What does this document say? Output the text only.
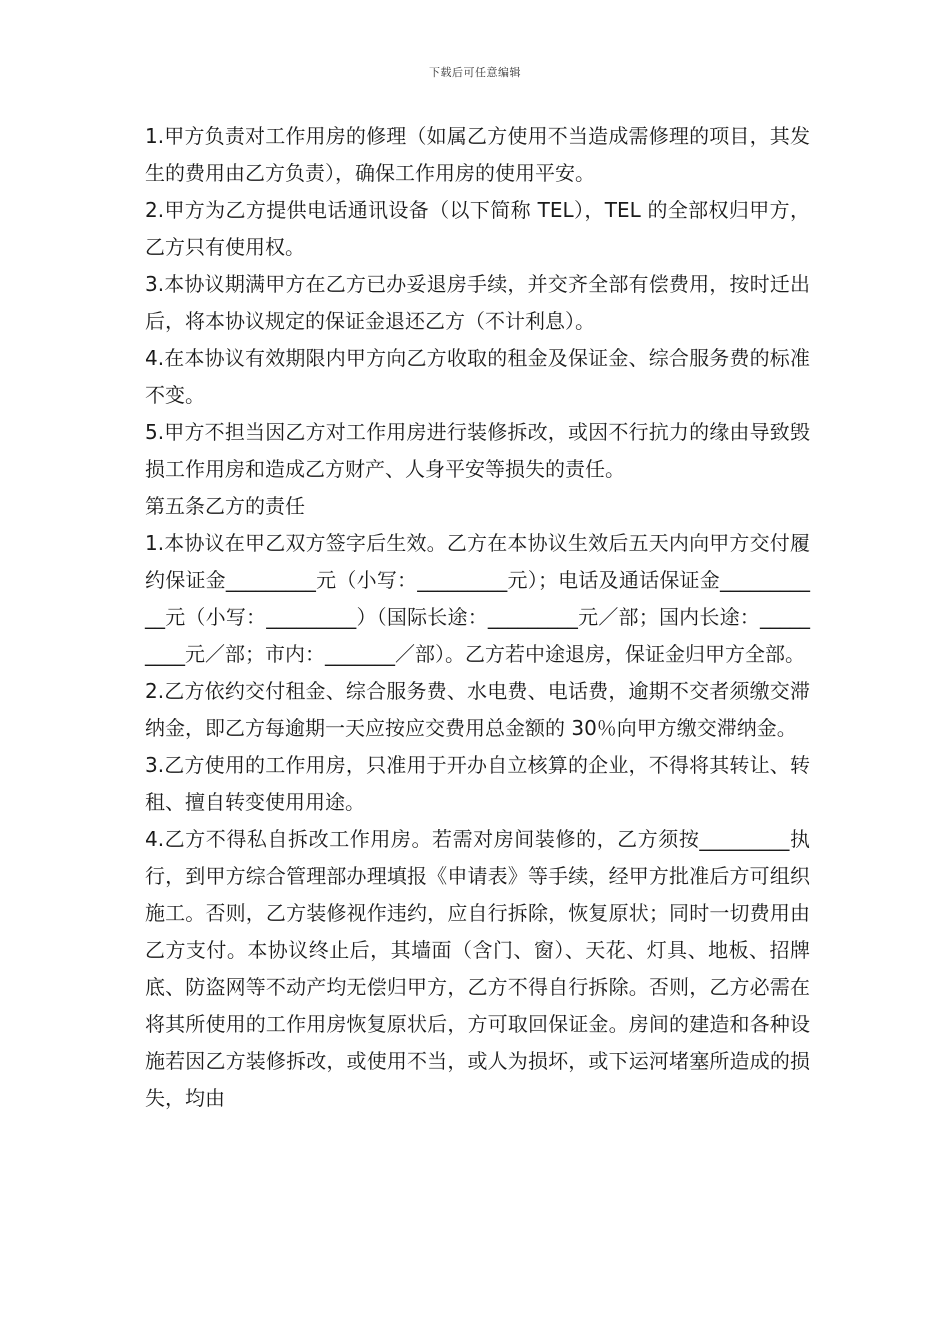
下载后可任意编辑

1.甲方负责对工作用房的修理（如属乙方使用不当造成需修理的项目，其发生的费用由乙方负责），确保工作用房的使用平安。

2.甲方为乙方提供电话通讯设备（以下简称 TEL），TEL 的全部权归甲方，乙方只有使用权。

3.本协议期满甲方在乙方已办妥退房手续，并交齐全部有偿费用，按时迁出后，将本协议规定的保证金退还乙方（不计利息）。

4.在本协议有效期限内甲方向乙方收取的租金及保证金、综合服务费的标准不变。

5.甲方不担当因乙方对工作用房进行装修拆改，或因不行抗力的缘由导致毁损工作用房和造成乙方财产、人身平安等损失的责任。

第五条乙方的责任

1.本协议在甲乙双方签字后生效。乙方在本协议生效后五天内向甲方交付履约保证金_________元（小写：_________元）；电话及通话保证金___________元（小写：_________）（国际长途：_________元／部；国内长途：_________元／部；市内：_______／部）。乙方若中途退房，保证金归甲方全部。

2.乙方依约交付租金、综合服务费、水电费、电话费，逾期不交者须缴交滞纳金，即乙方每逾期一天应按应交费用总金额的 30％向甲方缴交滞纳金。

3.乙方使用的工作用房，只准用于开办自立核算的企业，不得将其转让、转租、擅自转变使用用途。

4.乙方不得私自拆改工作用房。若需对房间装修的，乙方须按_________执行，到甲方综合管理部办理填报《申请表》等手续，经甲方批准后方可组织施工。否则，乙方装修视作违约，应自行拆除，恢复原状；同时一切费用由乙方支付。本协议终止后，其墙面（含门、窗）、天花、灯具、地板、招牌底、防盗网等不动产均无偿归甲方，乙方不得自行拆除。否则，乙方必需在将其所使用的工作用房恢复原状后，方可取回保证金。房间的建造和各种设施若因乙方装修拆改，或使用不当，或人为损坏，或下运河堵塞所造成的损失，均由
